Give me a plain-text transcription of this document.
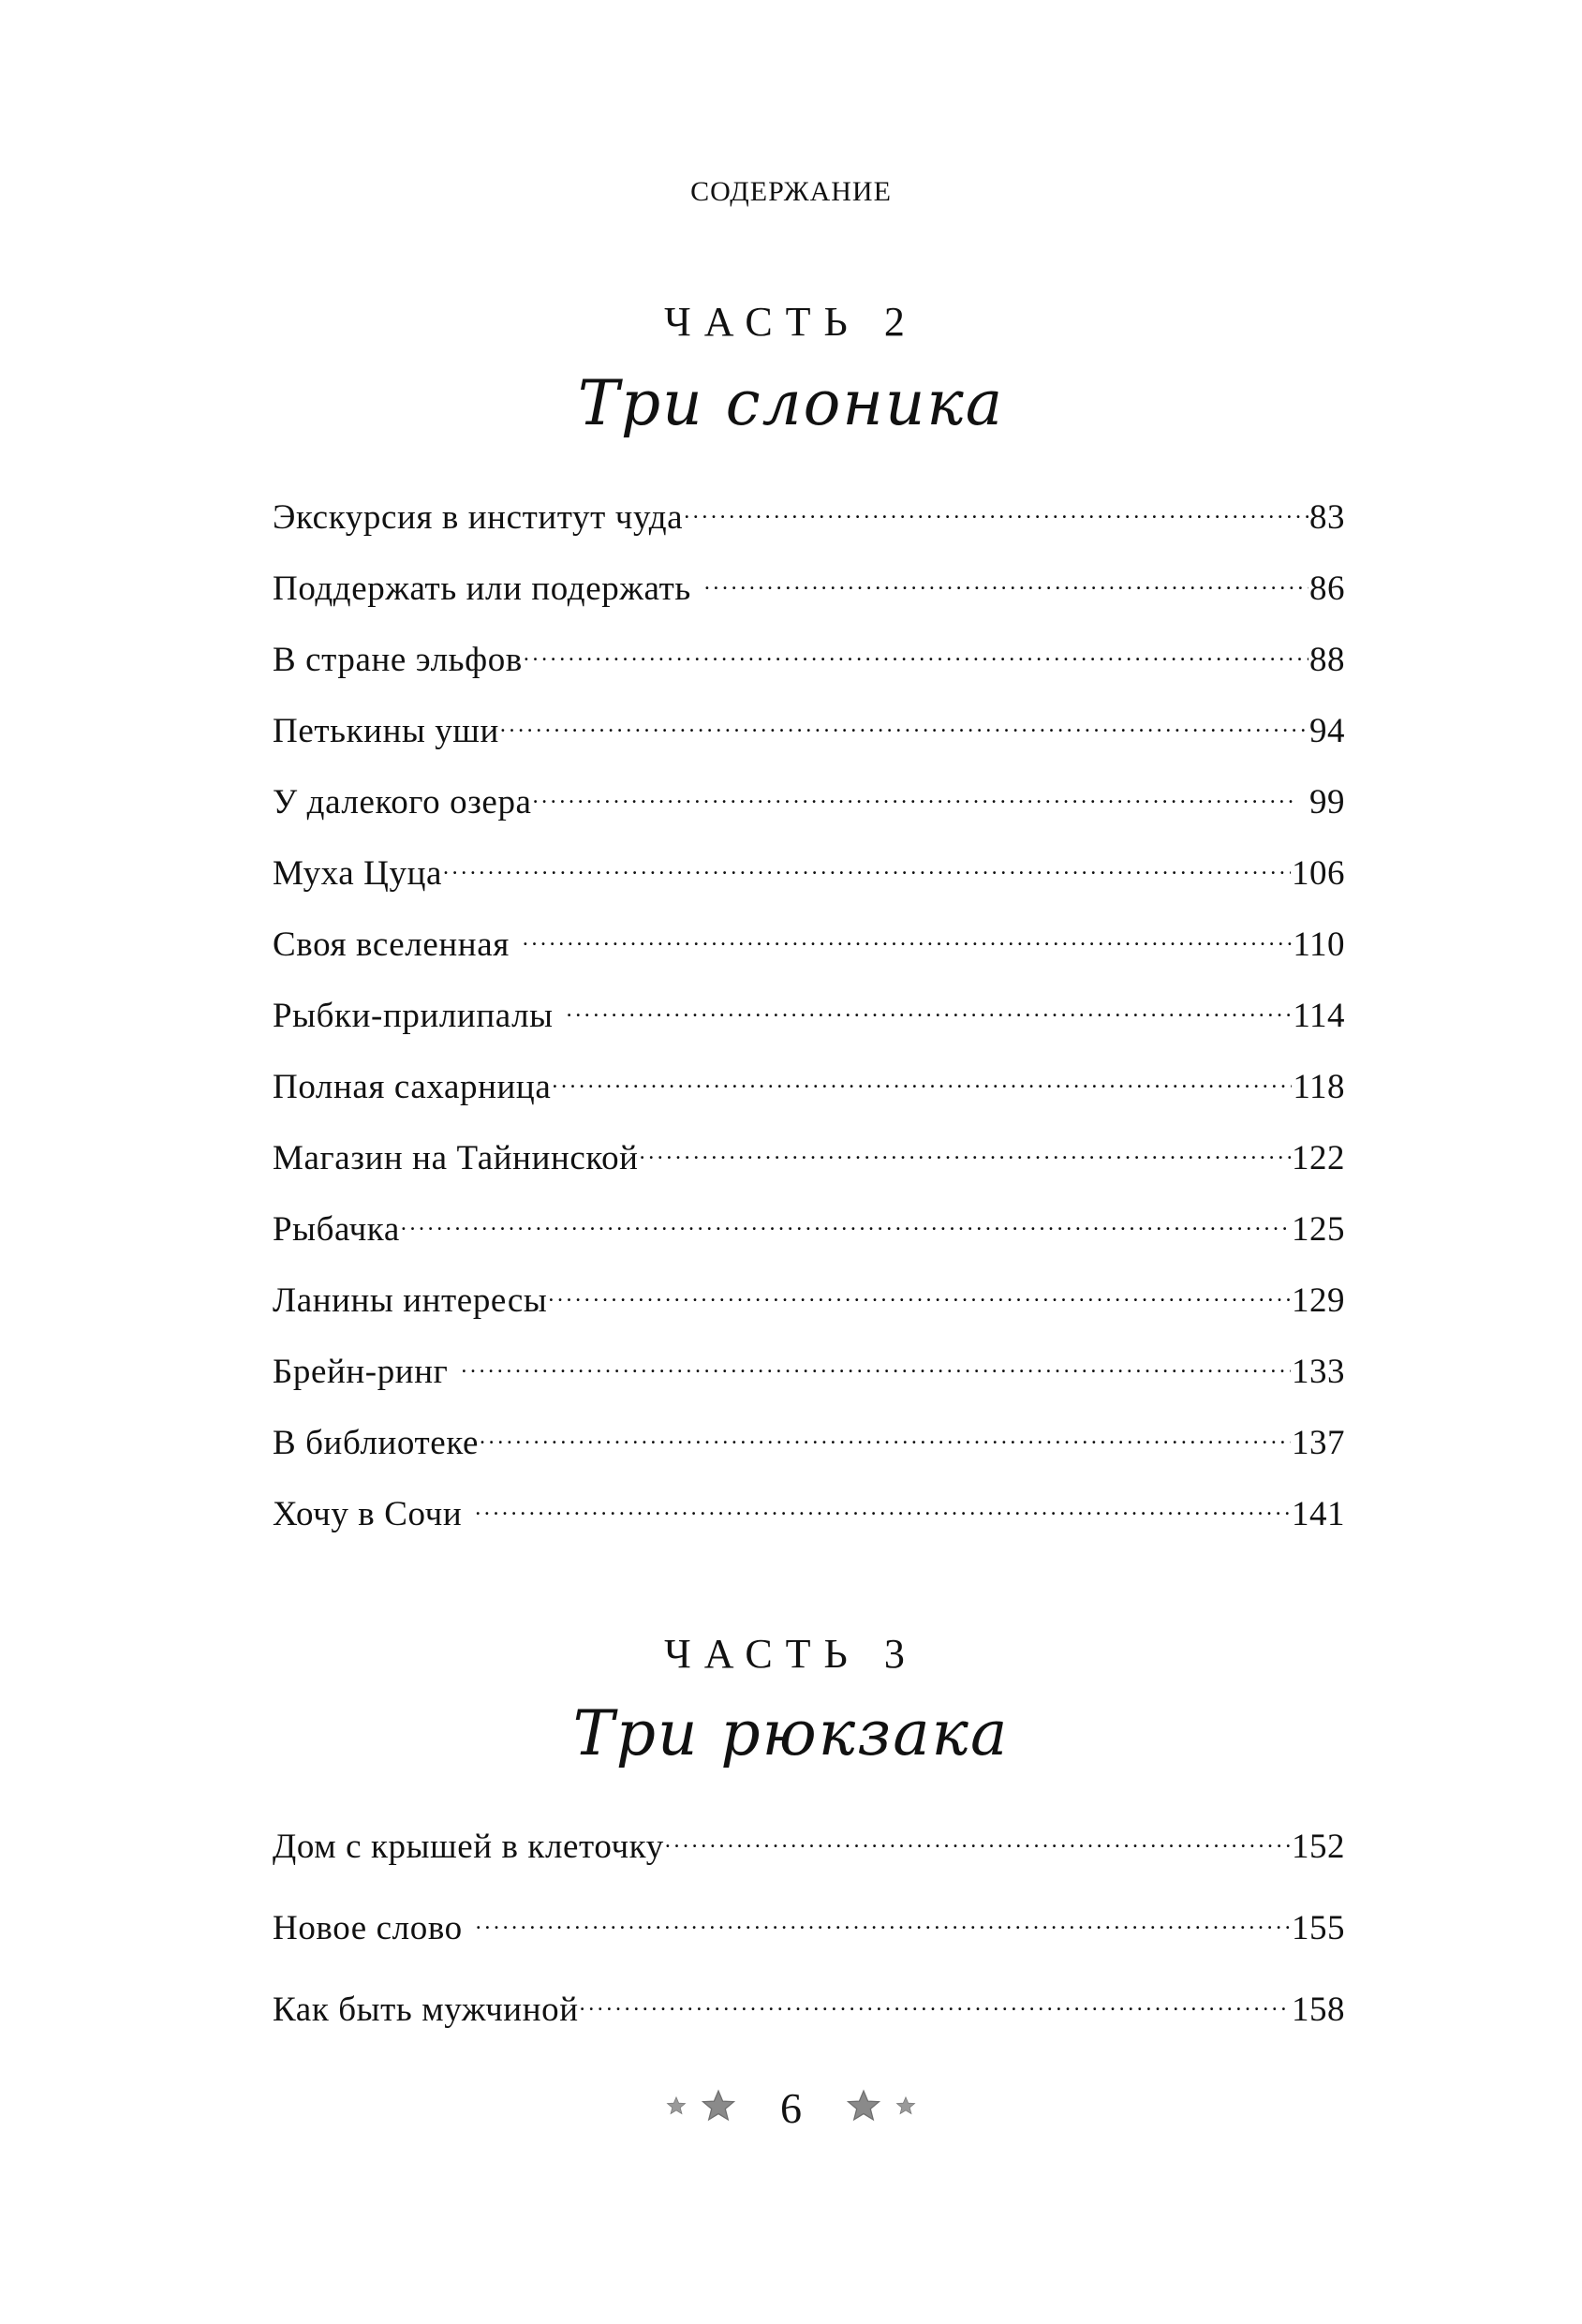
СОДЕРЖАНИЕ
ЧАСТЬ 2
Три слоника
Экскурсия в институт чуда . . .	83
Поддержать или подержать . . .	86
В стране эльфов . . .	88
Петькины уши . . .	94
У далекого озера . . .	99
Муха Цуца . . .	106
Своя вселенная . . .	110
Рыбки-прилипалы . . .	114
Полная сахарница . . .	118
Магазин на Тайнинской . . .	122
Рыбачка . . .	125
Ланины интересы . . .	129
Брейн-ринг . . .	133
В библиотеке . . .	137
Хочу в Сочи . . .	141
ЧАСТЬ 3
Три рюкзака
Дом с крышей в клеточку . . .	152
Новое слово . . .	155
Как быть мужчиной . . .	158
6
